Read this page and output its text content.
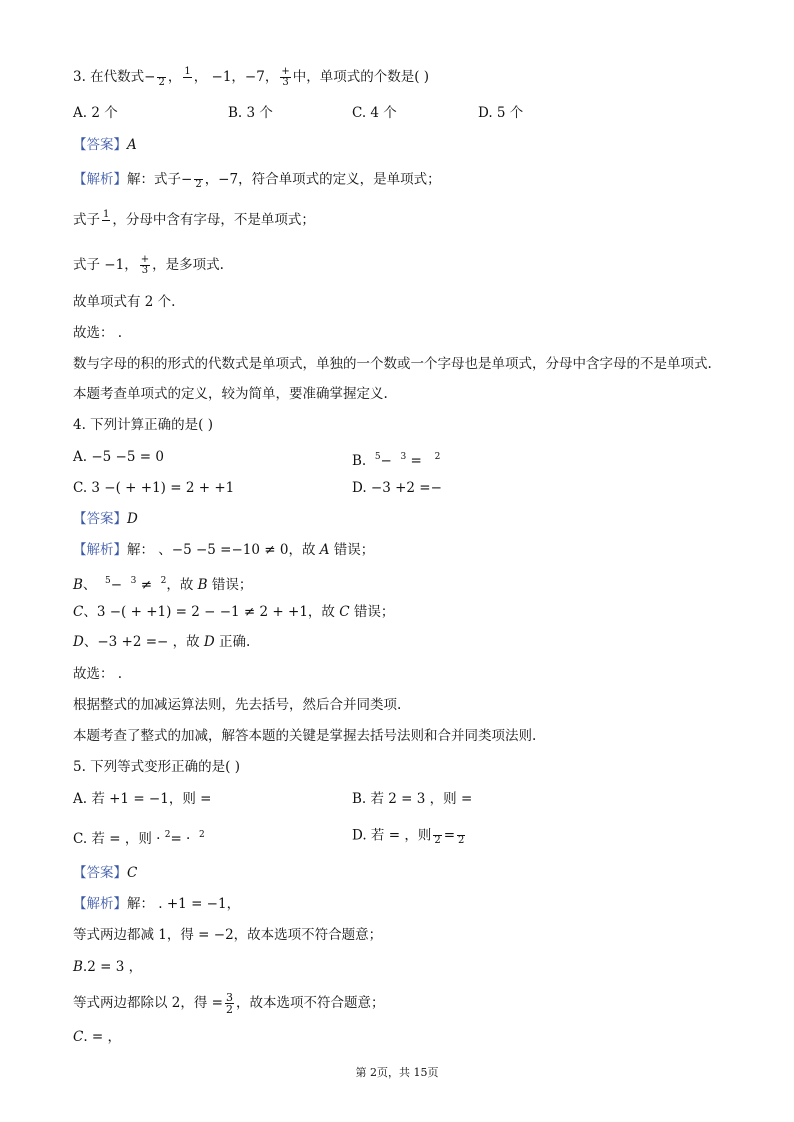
3. 在代数式− 2 ， 1
， −1，−7， $\frac{+}{3}$ 中，单项式的个数是( )
A. 2 个	B. 3 个	C. 4 个	D. 5 个
【答案】A
【解析】解：式子− 2 ，−7，符合单项式的定义，是单项式；
式子 1
，分母中含有字母，不是单项式；
式子 −1， $\frac{+}{3}$ ，是多项式.
故单项式有 2 个.
故选： .
数与字母的积的形式的代数式是单项式，单独的一个数或一个字母也是单项式，分母中含字母的不是单项式.
本题考查单项式的定义，较为简单，要准确掌握定义.
4. 下列计算正确的是( )
A. −5 −5 = 0	B. $^5$− $^3$ = $^2$
C. 3 −( + +1) = 2 + +1	D. −3 +2 =−
【答案】D
【解析】解： 、−5 −5 =−10 ≠ 0，故 A 错误；
B、 $^5$− $^3$ ≠ $^2$，故 B 错误；
C、3 −( + +1) = 2 − −1 ≠ 2 + +1，故 C 错误；
D、−3 +2 =− ，故 D 正确.
故选： .
根据整式的加减运算法则，先去括号，然后合并同类项.
本题考查了整式的加减，解答本题的关键是掌握去括号法则和合并同类项法则.
5. 下列等式变形正确的是( )
A. 若 +1 = −1，则 =	B. 若 2 = 3 ，则 =
C. 若 = ，则 · $^2$= · $^2$	D. 若 = ，则 2 = 2
【答案】C
【解析】解： . +1 = −1，
等式两边都减 1，得 = −2，故本选项不符合题意；
B.2 = 3 ，
等式两边都除以 2，得 = $\frac{3}{2}$ ，故本选项不符合题意；
C. = ，
第 2页，共 15页
